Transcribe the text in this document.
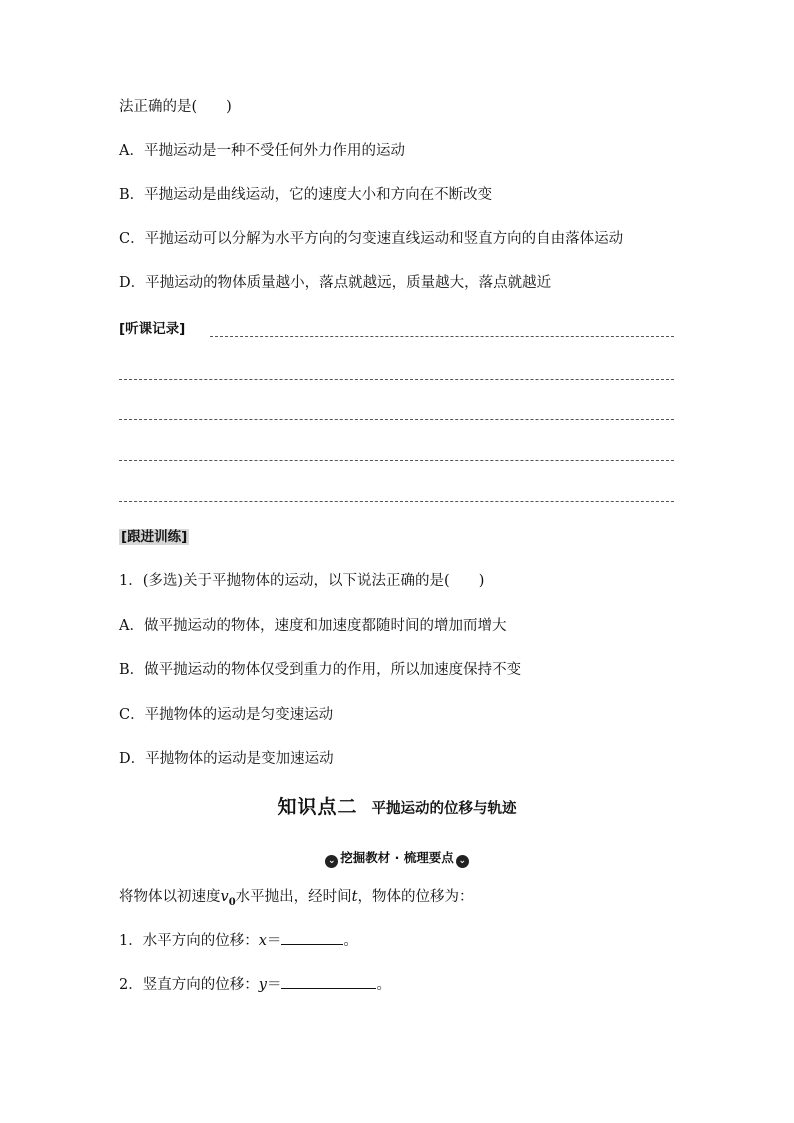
法正确的是(　　)
A．平抛运动是一种不受任何外力作用的运动
B．平抛运动是曲线运动，它的速度大小和方向在不断改变
C．平抛运动可以分解为水平方向的匀变速直线运动和竖直方向的自由落体运动
D．平抛运动的物体质量越小，落点就越远，质量越大，落点就越近
[听课记录]
[跟进训练]
1．(多选)关于平抛物体的运动，以下说法正确的是(　　)
A．做平抛运动的物体，速度和加速度都随时间的增加而增大
B．做平抛运动的物体仅受到重力的作用，所以加速度保持不变
C．平抛物体的运动是匀变速运动
D．平抛物体的运动是变加速运动
知识点二 平抛运动的位移与轨迹
⌄ 挖掘教材 · 梳理要点 ⌄
将物体以初速度$v_0$水平抛出，经时间t，物体的位移为：
1．水平方向的位移：x＝	。
2．竖直方向的位移：y＝	。
